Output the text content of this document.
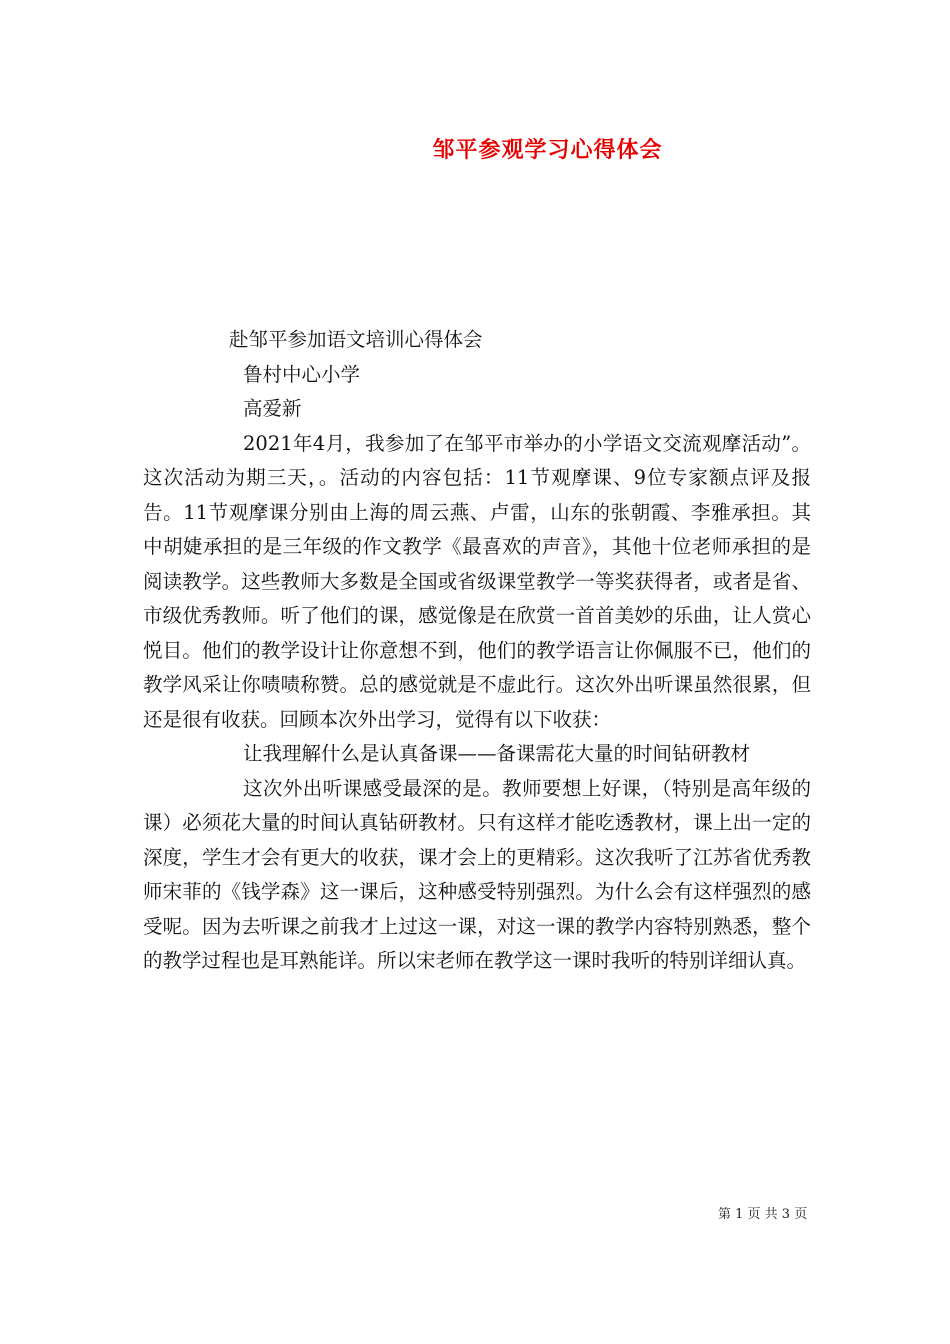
邹平参观学习心得体会
赴邹平参加语文培训心得体会
鲁村中心小学
高爱新

2021年4月，我参加了在邹平市举办的小学语文交流观摩活动”。这次活动为期三天，。活动的内容包括：11节观摩课、9位专家额点评及报告。11节观摩课分别由上海的周云燕、卢雷，山东的张朝霞、李雅承担。其中胡婕承担的是三年级的作文教学《最喜欢的声音》，其他十位老师承担的是阅读教学。这些教师大多数是全国或省级课堂教学一等奖获得者，或者是省、市级优秀教师。听了他们的课，感觉像是在欣赏一首首美妙的乐曲，让人赏心悦目。他们的教学设计让你意想不到，他们的教学语言让你佩服不已，他们的教学风采让你啧啧称赞。总的感觉就是不虚此行。这次外出听课虽然很累，但还是很有收获。回顾本次外出学习，觉得有以下收获：

让我理解什么是认真备课——备课需花大量的时间钻研教材

这次外出听课感受最深的是。教师要想上好课，（特别是高年级的课）必须花大量的时间认真钻研教材。只有这样才能吃透教材，课上出一定的深度，学生才会有更大的收获，课才会上的更精彩。这次我听了江苏省优秀教师宋菲的《钱学森》这一课后，这种感受特别强烈。为什么会有这样强烈的感受呢。因为去听课之前我才上过这一课，对这一课的教学内容特别熟悉，整个的教学过程也是耳熟能详。所以宋老师在教学这一课时我听的特别详细认真。

第 1 页 共 3 页
